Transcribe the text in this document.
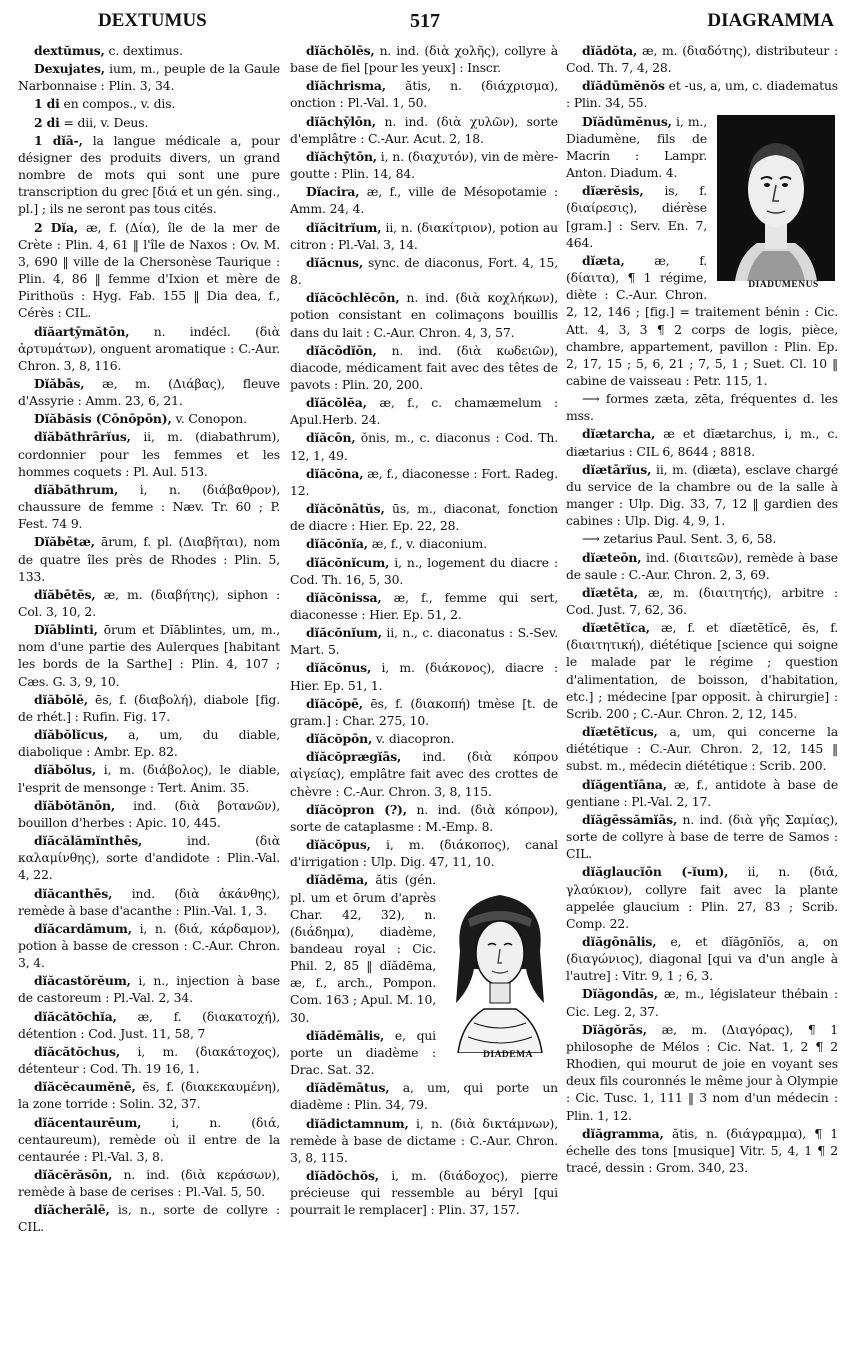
DEXTUMUS	517	DIAGRAMMA

dextŭmus, c. dextimus.

Dexujates, ium, m., peuple de la Gaule Narbonnaise : Plin. 3, 34.

1 di en compos., v. dis.

2 di = dii, v. Deus.

1 dĭā-, la langue médicale a, pour désigner des produits divers, un grand nombre de mots qui sont une pure transcription du grec [διά et un gén. sing., pl.] ; ils ne seront pas tous cités.

2 Dĭa, æ, f. (Δία), île de la mer de Crète : Plin. 4, 61 ‖ l'île de Naxos : Ov. M. 3, 690 ‖ ville de la Chersonèse Taurique : Plin. 4, 86 ‖ femme d'Ixion et mère de Pirithoüs : Hyg. Fab. 155 ‖ Dia dea, f., Cérès : CIL.

dĭăartȳmătōn, n. indécl. (διὰ ἀρτυμάτων), onguent aromatique : C.-Aur. Chron. 3, 8, 116.

Dĭăbās, æ, m. (Διάβας), fleuve d'Assyrie : Amm. 23, 6, 21.

Dĭăbăsis (Cōnōpōn), v. Conopon.

dĭăbăthrārĭus, ii, m. (diabathrum), cordonnier pour les femmes et les hommes coquets : Pl. Aul. 513.

dĭăbăthrum, i, n. (διάβαθρον), chaussure de femme : Næv. Tr. 60 ; P. Fest. 74 9.

Dĭăbētæ, ārum, f. pl. (Διαβῆται), nom de quatre îles près de Rhodes : Plin. 5, 133.

dĭăbētēs, æ, m. (διαβήτης), siphon : Col. 3, 10, 2.

Dĭāblinti, ōrum et Dĭāblintes, um, m., nom d'une partie des Aulerques [habitant les bords de la Sarthe] : Plin. 4, 107 ; Cæs. G. 3, 9, 10.

dĭăbŏlē, ēs, f. (διαβολή), diabole [fig. de rhét.] : Rufin. Fig. 17.

dĭăbŏlĭcus, a, um, du diable, diabolique : Ambr. Ep. 82.

dĭăbŏlus, i, m. (διάβολος), le diable, l'esprit de mensonge : Tert. Anim. 35.

dĭăbŏtănōn, ind. (διὰ βοτανῶν), bouillon d'herbes : Apic. 10, 445.

dĭăcălămĭnthēs, ind. (διὰ καλαμίνθης), sorte d'andidote : Plin.-Val. 4, 22.

dĭăcanthēs, ind. (διὰ ἀκάνθης), remède à base d'acanthe : Plin.-Val. 1, 3.

dĭăcardămum, i, n. (διά, κάρδαμον), potion à basse de cresson : C.-Aur. Chron. 3, 4.

dĭăcastŏrĕum, i, n., injection à base de castoreum : Pl.-Val. 2, 34.

dĭăcătŏchĭa, æ, f. (διακατοχή), détention : Cod. Just. 11, 58, 7

dĭăcătŏchus, i, m. (διακάτοχος), détenteur : Cod. Th. 19 16, 1.

dĭăcĕcaumĕnē, ēs, f. (διακεκαυμένη), la zone torride : Solin. 32, 37.

dĭăcentaurēum, i, n. (διά, centaureum), remède où il entre de la centaurée : Pl.-Val. 3, 8.

dĭăcĕrăsōn, n. ind. (διὰ κεράσων), remède à base de cerises : Pl.-Val. 5, 50.

dĭăcherālē, is, n., sorte de collyre : CIL.

dĭăchŏlēs, n. ind. (διὰ χολῆς), collyre à base de fiel [pour les yeux] : Inscr.

dĭăchrisma, ătis, n. (διάχρισμα), onction : Pl.-Val. 1, 50.

dĭăchȳlōn, n. ind. (διὰ χυλῶν), sorte d'emplâtre : C.-Aur. Acut. 2, 18.

dĭăchȳtōn, i, n. (διαχυτόν), vin de mère-goutte : Plin. 14, 84.

Dĭacira, æ, f., ville de Mésopotamie : Amm. 24, 4.

dĭăcitrĭum, ii, n. (διακίτριον), potion au citron : Pl.-Val. 3, 14.

dĭăcnus, sync. de diaconus, Fort. 4, 15, 8.

dĭăcŏchlĕcōn, n. ind. (διὰ κοχλήκων), potion consistant en colimaçons bouillis dans du lait : C.-Aur. Chron. 4, 3, 57.

dĭăcōdĭōn, n. ind. (διὰ κωδειῶν), diacode, médicament fait avec des têtes de pavots : Plin. 20, 200.

dĭăcŏlĕa, æ, f., c. chamæmelum : Apul.Herb. 24.

dĭăcōn, ŏnis, m., c. diaconus : Cod. Th. 12, 1, 49.

dĭăcŏna, æ, f., diaconesse : Fort. Radeg. 12.

dĭăcŏnātŭs, ūs, m., diaconat, fonction de diacre : Hier. Ep. 22, 28.

dĭăcŏnĭa, æ, f., v. diaconium.

dĭăcŏnĭcum, i, n., logement du diacre : Cod. Th. 16, 5, 30.

dĭăcŏnissa, æ, f., femme qui sert, diaconesse : Hier. Ep. 51, 2.

dĭăcŏnĭum, ii, n., c. diaconatus : S.-Sev. Mart. 5.

dĭăcŏnus, i, m. (διάκονος), diacre : Hier. Ep. 51, 1.

dĭăcŏpē, ēs, f. (διακοπή) tmèse [t. de gram.] : Char. 275, 10.

dĭăcŏpōn, v. diacopron.

dĭăcŏprægĭās, ind. (διὰ κόπρου αἰγείας), emplâtre fait avec des crottes de chèvre : C.-Aur. Chron. 3, 8, 115.

dĭăcŏpron (?), n. ind. (διὰ κόπρον), sorte de cataplasme : M.-Emp. 8.

dĭăcŏpus, i, m. (διάκοπος), canal d'irrigation : Ulp. Dig. 47, 11, 10.

DIADEMA
dĭădēma, ătis (gén. pl. um et ōrum d'après Char. 42, 32), n. (διάδημα), diadème, bandeau royal : Cic. Phil. 2, 85 ‖ dĭădēma, æ, f., arch., Pompon. Com. 163 ; Apul. M. 10, 30.

dĭădēmālis, e, qui porte un diadème : Drac. Sat. 32.

dĭădēmātus, a, um, qui porte un diadème : Plin. 34, 79.

dĭădictamnum, i, n. (διὰ δικτάμνων), remède à base de dictame : C.-Aur. Chron. 3, 8, 115.

dĭădŏchŏs, i, m. (διάδοχος), pierre précieuse qui ressemble au béryl [qui pourrait le remplacer] : Plin. 37, 157.

dĭădŏta, æ, m. (διαδότης), distributeur : Cod. Th. 7, 4, 28.

dĭădūmĕnŏs et -us, a, um, c. diadematus : Plin. 34, 55.

DIADUMENUS
Dĭădūmĕnus, i, m., Diadumène, fils de Macrin : Lampr. Anton. Diadum. 4.

dĭærĕsis, is, f. (διαίρεσις), diérèse [gram.] : Serv. En. 7, 464.

dĭæta, æ, f. (δίαιτα), ¶ 1 régime, diète : C.-Aur. Chron. 2, 12, 146 ; [fig.] = traitement bénin : Cic. Att. 4, 3, 3 ¶ 2 corps de logis, pièce, chambre, appartement, pavillon : Plin. Ep. 2, 17, 15 ; 5, 6, 21 ; 7, 5, 1 ; Suet. Cl. 10 ‖ cabine de vaisseau : Petr. 115, 1.

⟶ formes zæta, zēta, fréquentes d. les mss.

dĭætarcha, æ et dĭætarchus, i, m., c. diætarius : CIL 6, 8644 ; 8818.

dĭætārĭus, ii, m. (diæta), esclave chargé du service de la chambre ou de la salle à manger : Ulp. Dig. 33, 7, 12 ‖ gardien des cabines : Ulp. Dig. 4, 9, 1.

⟶ zetarius Paul. Sent. 3, 6, 58.

dĭæteōn, ind. (διαιτεῶν), remède à base de saule : C.-Aur. Chron. 2, 3, 69.

dĭætēta, æ, m. (διαιτητής), arbitre : Cod. Just. 7, 62, 36.

dĭætētĭca, æ, f. et dĭætētĭcē, ēs, f. (διαιτητική), diététique [science qui soigne le malade par le régime ; question d'alimentation, de boisson, d'habitation, etc.] ; médecine [par opposit. à chirurgie] : Scrib. 200 ; C.-Aur. Chron. 2, 12, 145.

dĭætētĭcus, a, um, qui concerne la diététique : C.-Aur. Chron. 2, 12, 145 ‖ subst. m., médecin diététique : Scrib. 200.

dĭăgentĭāna, æ, f., antidote à base de gentiane : Pl.-Val. 2, 17.

dĭăgēssămĭās, n. ind. (διὰ γῆς Σαμίας), sorte de collyre à base de terre de Samos : CIL.

dĭăglaucĭōn (-ĭum), ii, n. (διά, γλαύκιον), collyre fait avec la plante appelée glaucium : Plin. 27, 83 ; Scrib. Comp. 22.

dĭăgōnālis, e, et dĭăgōnĭŏs, a, on (διαγώνιος), diagonal [qui va d'un angle à l'autre] : Vitr. 9, 1 ; 6, 3.

Dĭăgondās, æ, m., législateur thébain : Cic. Leg. 2, 37.

Dĭăgŏrās, æ, m. (Διαγόρας), ¶ 1 philosophe de Mélos : Cic. Nat. 1, 2 ¶ 2 Rhodien, qui mourut de joie en voyant ses deux fils couronnés le même jour à Olympie : Cic. Tusc. 1, 111 ‖ 3 nom d'un médecin : Plin. 1, 12.

dĭăgramma, ătis, n. (διάγραμμα), ¶ 1 échelle des tons [musique] Vitr. 5, 4, 1 ¶ 2 tracé, dessin : Grom. 340, 23.
